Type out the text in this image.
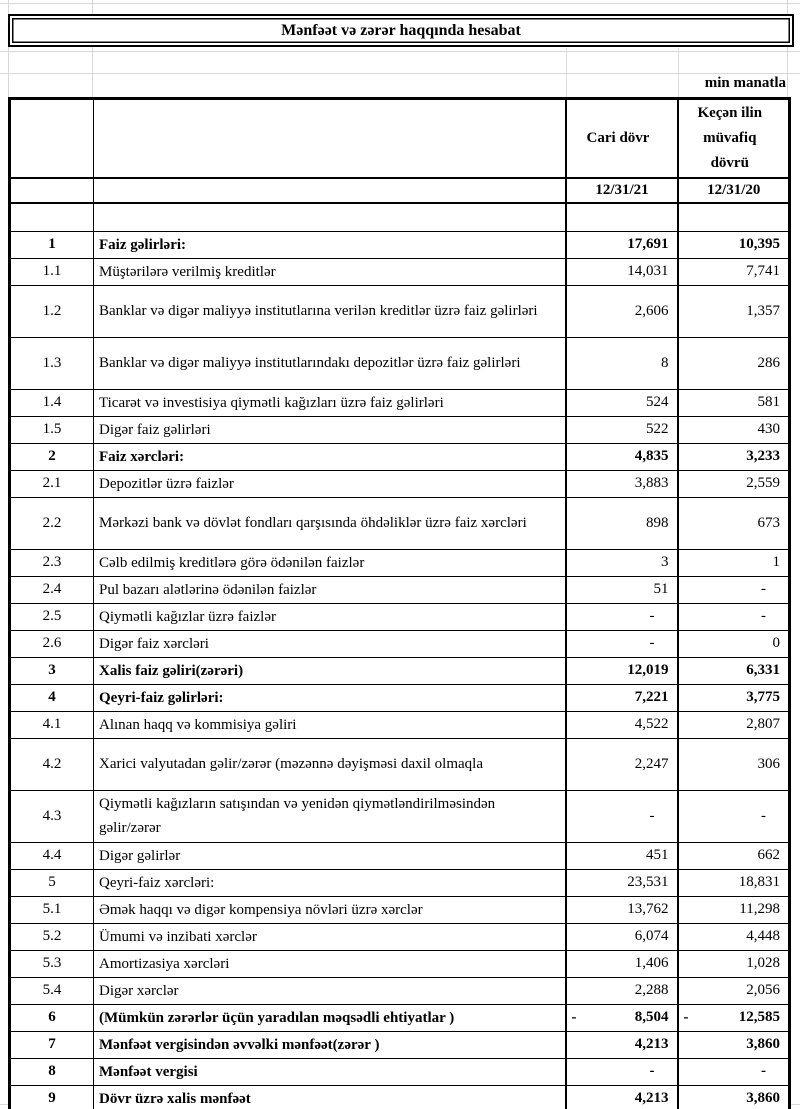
Mənfəət və zərər haqqında hesabat
min manatla
		Cari dövr	Keçən ilin müvafiq dövrü
		12/31/21	12/31/20

1	Faiz gəlirləri:	17,691	10,395
1.1	Müştərilərə verilmiş kreditlər	14,031	7,741
1.2	Banklar və digər maliyyə institutlarına verilən kreditlər üzrə faiz gəlirləri	2,606	1,357
1.3	Banklar və digər maliyyə institutlarındakı depozitlər üzrə faiz gəlirləri	8	286
1.4	Ticarət və investisiya qiymətli kağızları üzrə faiz gəlirləri	524	581
1.5	Digər faiz gəlirləri	522	430
2	Faiz xərcləri:	4,835	3,233
2.1	Depozitlər üzrə faizlər	3,883	2,559
2.2	Mərkəzi bank və dövlət fondları qarşısında öhdəliklər üzrə faiz xərcləri	898	673
2.3	Cəlb edilmiş kreditlərə görə ödənilən faizlər	3	1
2.4	Pul bazarı alətlərinə ödənilən faizlər	51	-
2.5	Qiymətli kağızlar üzrə faizlər	-	-
2.6	Digər faiz xərcləri	-	0
3	Xalis faiz gəliri(zərəri)	12,019	6,331
4	Qeyri-faiz gəlirləri:	7,221	3,775
4.1	Alınan haqq və kommisiya gəliri	4,522	2,807
4.2	Xarici valyutadan gəlir/zərər (məzənnə dəyişməsi daxil olmaqla	2,247	306
4.3	Qiymətli kağızların satışından və yenidən qiymətləndirilməsindən gəlir/zərər	-	-
4.4	Digər gəlirlər	451	662
5	Qeyri-faiz xərcləri:	23,531	18,831
5.1	Əmək haqqı və digər kompensiya növləri üzrə xərclər	13,762	11,298
5.2	Ümumi və inzibati xərclər	6,074	4,448
5.3	Amortizasiya xərcləri	1,406	1,028
5.4	Digər xərclər	2,288	2,056
6	(Mümkün zərərlər üçün yaradılan məqsədli ehtiyatlar )	- 8,504	- 12,585
7	Mənfəət vergisindən əvvəlki mənfəət(zərər )	4,213	3,860
8	Mənfəət vergisi	-	-
9	Dövr üzrə xalis mənfəət	4,213	3,860
